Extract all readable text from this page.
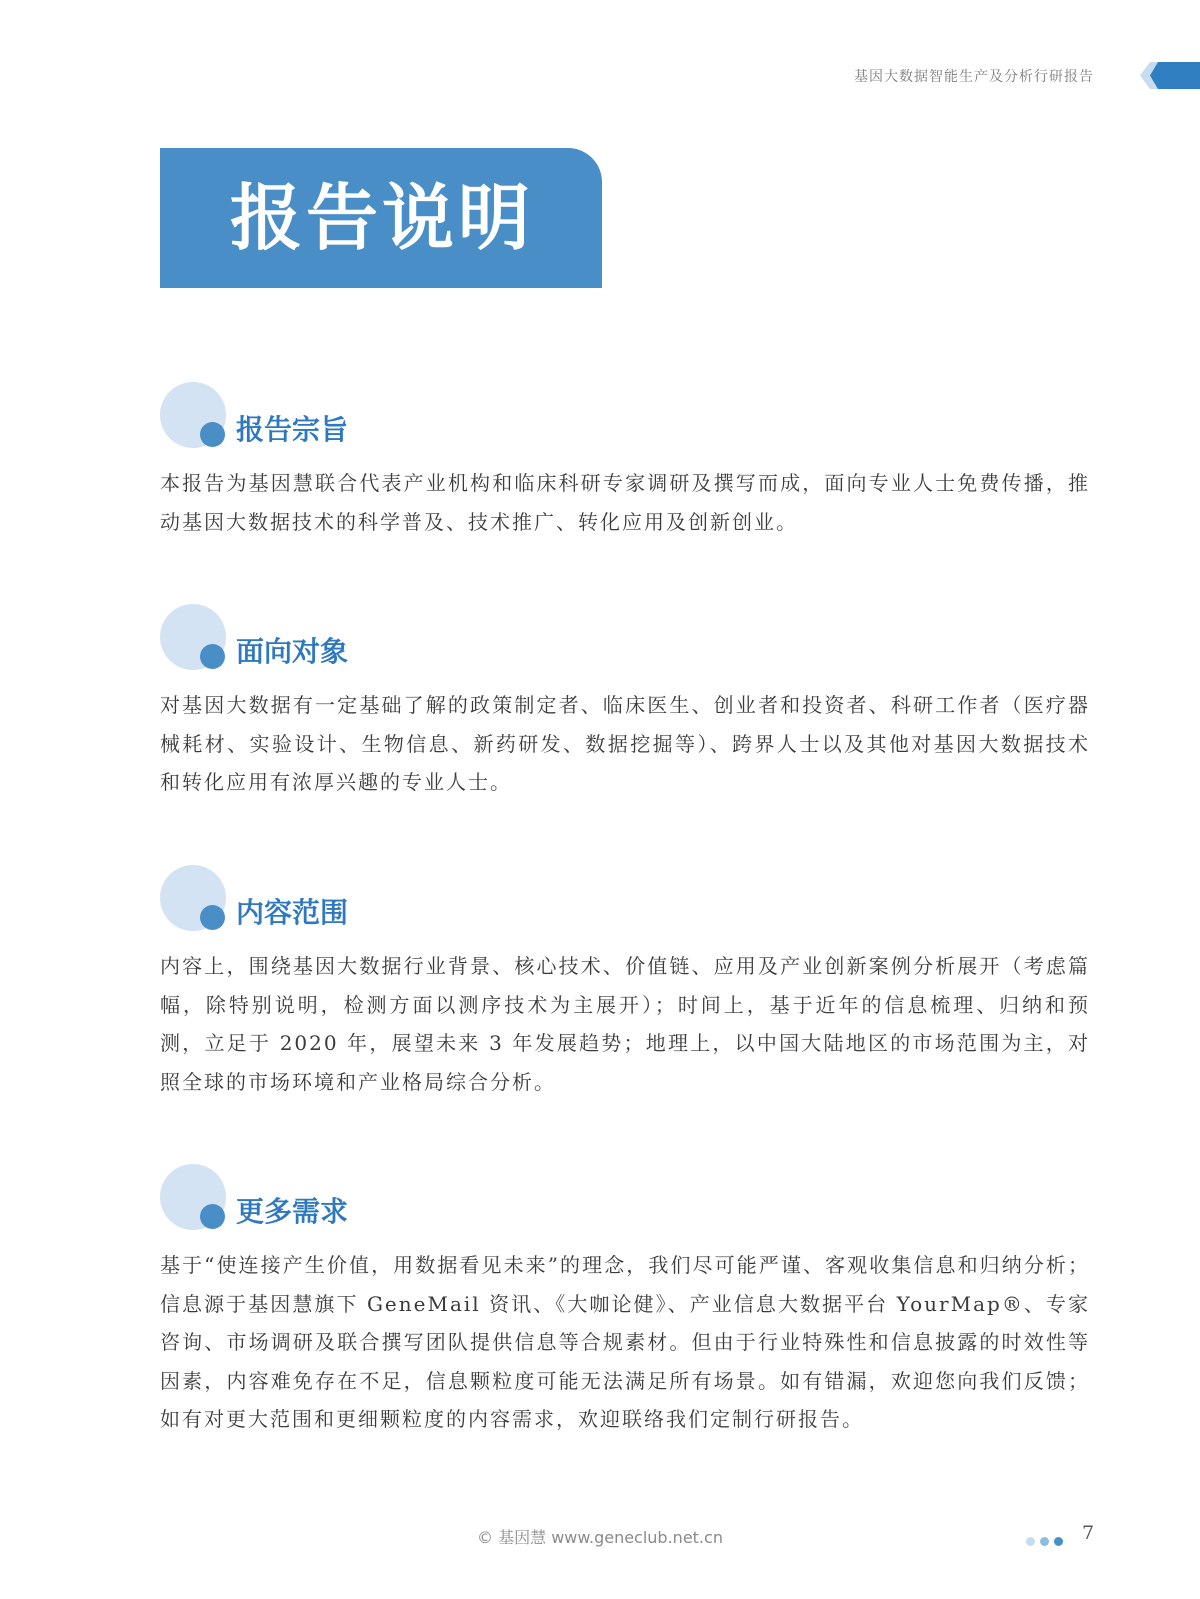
基因大数据智能生产及分析行研报告
报告说明
报告宗旨

本报告为基因慧联合代表产业机构和临床科研专家调研及撰写而成，面向专业人士免费传播，推动基因大数据技术的科学普及、技术推广、转化应用及创新创业。

面向对象

对基因大数据有一定基础了解的政策制定者、临床医生、创业者和投资者、科研工作者（医疗器械耗材、实验设计、生物信息、新药研发、数据挖掘等）、跨界人士以及其他对基因大数据技术和转化应用有浓厚兴趣的专业人士。

内容范围

内容上，围绕基因大数据行业背景、核心技术、价值链、应用及产业创新案例分析展开（考虑篇幅，除特别说明，检测方面以测序技术为主展开）；时间上，基于近年的信息梳理、归纳和预测，立足于 2020 年，展望未来 3 年发展趋势；地理上，以中国大陆地区的市场范围为主，对照全球的市场环境和产业格局综合分析。

更多需求

基于“使连接产生价值，用数据看见未来”的理念，我们尽可能严谨、客观收集信息和归纳分析；信息源于基因慧旗下 GeneMail 资讯、《大咖论健》、产业信息大数据平台 YourMap®、专家咨询、市场调研及联合撰写团队提供信息等合规素材。但由于行业特殊性和信息披露的时效性等因素，内容难免存在不足，信息颗粒度可能无法满足所有场景。如有错漏，欢迎您向我们反馈；如有对更大范围和更细颗粒度的内容需求，欢迎联络我们定制行研报告。

© 基因慧 www.geneclub.net.cn	7
